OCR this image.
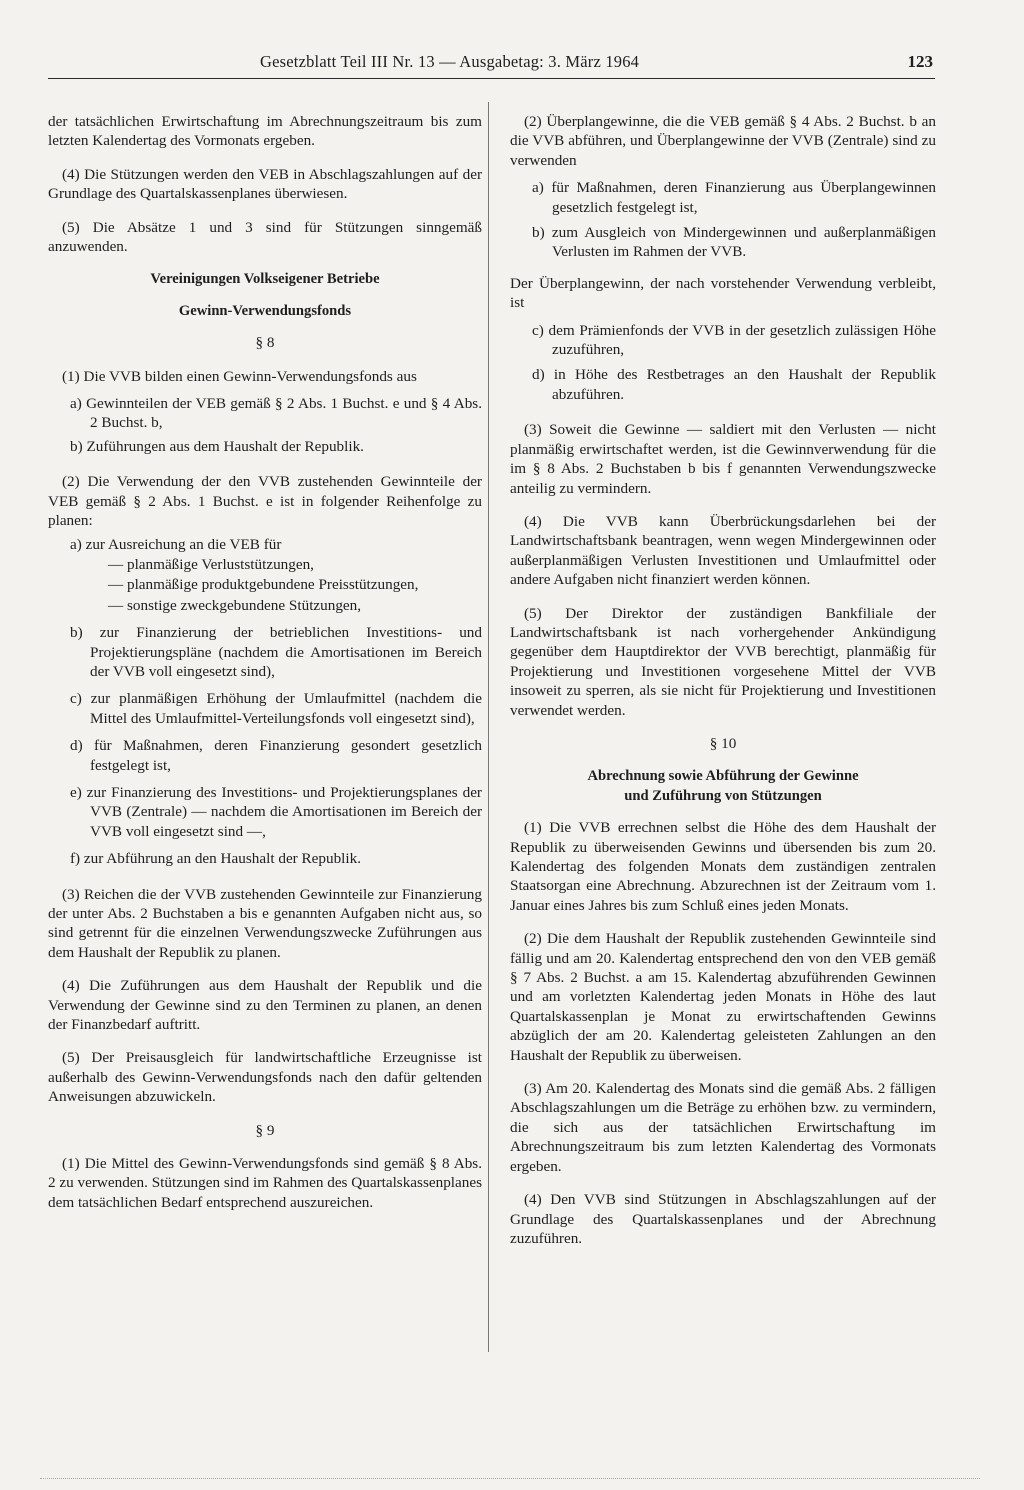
Gesetzblatt Teil III Nr. 13 — Ausgabetag: 3. März 1964	123

der tatsächlichen Erwirtschaftung im Abrechnungszeitraum bis zum letzten Kalendertag des Vormonats ergeben.

(4) Die Stützungen werden den VEB in Abschlagszahlungen auf der Grundlage des Quartalskassenplanes überwiesen.

(5) Die Absätze 1 und 3 sind für Stützungen sinngemäß anzuwenden.

Vereinigungen Volkseigener Betriebe
Gewinn-Verwendungsfonds
§ 8

(1) Die VVB bilden einen Gewinn-Verwendungsfonds aus

a) Gewinnteilen der VEB gemäß § 2 Abs. 1 Buchst. e und § 4 Abs. 2 Buchst. b,

b) Zuführungen aus dem Haushalt der Republik.

(2) Die Verwendung der den VVB zustehenden Gewinnteile der VEB gemäß § 2 Abs. 1 Buchst. e ist in folgender Reihenfolge zu planen:

a) zur Ausreichung an die VEB für

— planmäßige Verluststützungen,

— planmäßige produktgebundene Preisstützungen,

— sonstige zweckgebundene Stützungen,

b) zur Finanzierung der betrieblichen Investitions- und Projektierungspläne (nachdem die Amortisationen im Bereich der VVB voll eingesetzt sind),

c) zur planmäßigen Erhöhung der Umlaufmittel (nachdem die Mittel des Umlaufmittel-Verteilungsfonds voll eingesetzt sind),

d) für Maßnahmen, deren Finanzierung gesondert gesetzlich festgelegt ist,

e) zur Finanzierung des Investitions- und Projektierungsplanes der VVB (Zentrale) — nachdem die Amortisationen im Bereich der VVB voll eingesetzt sind —,

f) zur Abführung an den Haushalt der Republik.

(3) Reichen die der VVB zustehenden Gewinnteile zur Finanzierung der unter Abs. 2 Buchstaben a bis e genannten Aufgaben nicht aus, so sind getrennt für die einzelnen Verwendungszwecke Zuführungen aus dem Haushalt der Republik zu planen.

(4) Die Zuführungen aus dem Haushalt der Republik und die Verwendung der Gewinne sind zu den Terminen zu planen, an denen der Finanzbedarf auftritt.

(5) Der Preisausgleich für landwirtschaftliche Erzeugnisse ist außerhalb des Gewinn-Verwendungsfonds nach den dafür geltenden Anweisungen abzuwickeln.

§ 9

(1) Die Mittel des Gewinn-Verwendungsfonds sind gemäß § 8 Abs. 2 zu verwenden. Stützungen sind im Rahmen des Quartalskassenplanes dem tatsächlichen Bedarf entsprechend auszureichen.

(2) Überplangewinne, die die VEB gemäß § 4 Abs. 2 Buchst. b an die VVB abführen, und Überplangewinne der VVB (Zentrale) sind zu verwenden

a) für Maßnahmen, deren Finanzierung aus Überplangewinnen gesetzlich festgelegt ist,

b) zum Ausgleich von Mindergewinnen und außerplanmäßigen Verlusten im Rahmen der VVB.

Der Überplangewinn, der nach vorstehender Verwendung verbleibt, ist

c) dem Prämienfonds der VVB in der gesetzlich zulässigen Höhe zuzuführen,

d) in Höhe des Restbetrages an den Haushalt der Republik abzuführen.

(3) Soweit die Gewinne — saldiert mit den Verlusten — nicht planmäßig erwirtschaftet werden, ist die Gewinnverwendung für die im § 8 Abs. 2 Buchstaben b bis f genannten Verwendungszwecke anteilig zu vermindern.

(4) Die VVB kann Überbrückungsdarlehen bei der Landwirtschaftsbank beantragen, wenn wegen Mindergewinnen oder außerplanmäßigen Verlusten Investitionen und Umlaufmittel oder andere Aufgaben nicht finanziert werden können.

(5) Der Direktor der zuständigen Bankfiliale der Landwirtschaftsbank ist nach vorhergehender Ankündigung gegenüber dem Hauptdirektor der VVB berechtigt, planmäßig für Projektierung und Investitionen vorgesehene Mittel der VVB insoweit zu sperren, als sie nicht für Projektierung und Investitionen verwendet werden.

§ 10
Abrechnung sowie Abführung der Gewinne
und Zuführung von Stützungen

(1) Die VVB errechnen selbst die Höhe des dem Haushalt der Republik zu überweisenden Gewinns und übersenden bis zum 20. Kalendertag des folgenden Monats dem zuständigen zentralen Staatsorgan eine Abrechnung. Abzurechnen ist der Zeitraum vom 1. Januar eines Jahres bis zum Schluß eines jeden Monats.

(2) Die dem Haushalt der Republik zustehenden Gewinnteile sind fällig und am 20. Kalendertag entsprechend den von den VEB gemäß § 7 Abs. 2 Buchst. a am 15. Kalendertag abzuführenden Gewinnen und am vorletzten Kalendertag jeden Monats in Höhe des laut Quartalskassenplan je Monat zu erwirtschaftenden Gewinns abzüglich der am 20. Kalendertag geleisteten Zahlungen an den Haushalt der Republik zu überweisen.

(3) Am 20. Kalendertag des Monats sind die gemäß Abs. 2 fälligen Abschlagszahlungen um die Beträge zu erhöhen bzw. zu vermindern, die sich aus der tatsächlichen Erwirtschaftung im Abrechnungszeitraum bis zum letzten Kalendertag des Vormonats ergeben.

(4) Den VVB sind Stützungen in Abschlagszahlungen auf der Grundlage des Quartalskassenplanes und der Abrechnung zuzuführen.
